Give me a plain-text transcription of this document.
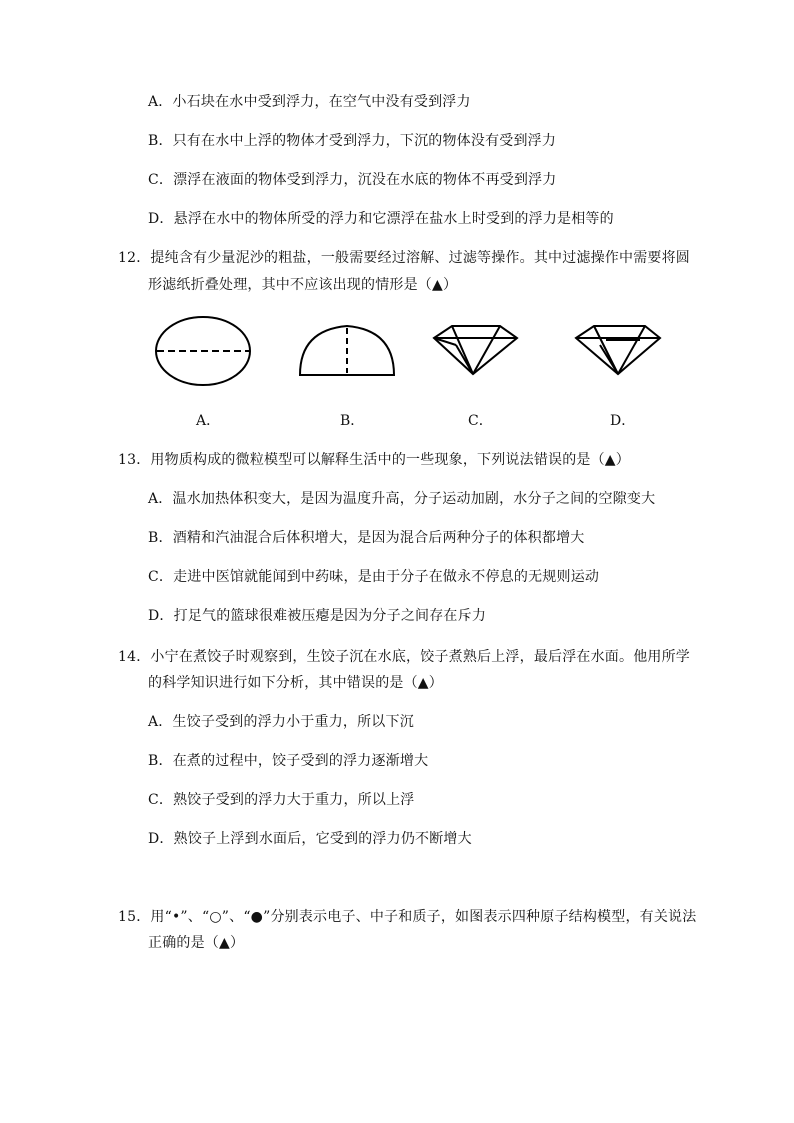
A．小石块在水中受到浮力，在空气中没有受到浮力
B．只有在水中上浮的物体才受到浮力，下沉的物体没有受到浮力
C．漂浮在液面的物体受到浮力，沉没在水底的物体不再受到浮力
D．悬浮在水中的物体所受的浮力和它漂浮在盐水上时受到的浮力是相等的
12．提纯含有少量泥沙的粗盐，一般需要经过溶解、过滤等操作。其中过滤操作中需要将圆
形滤纸折叠处理，其中不应该出现的情形是（▲）
A．	B．	C．	D．
13．用物质构成的微粒模型可以解释生活中的一些现象，下列说法错误的是（▲）
A．温水加热体积变大，是因为温度升高，分子运动加剧，水分子之间的空隙变大
B．酒精和汽油混合后体积增大，是因为混合后两种分子的体积都增大
C．走进中医馆就能闻到中药味，是由于分子在做永不停息的无规则运动
D．打足气的篮球很难被压瘪是因为分子之间存在斥力
14．小宁在煮饺子时观察到，生饺子沉在水底，饺子煮熟后上浮，最后浮在水面。他用所学
的科学知识进行如下分析，其中错误的是（▲）
A．生饺子受到的浮力小于重力，所以下沉
B．在煮的过程中，饺子受到的浮力逐渐增大
C．熟饺子受到的浮力大于重力，所以上浮
D．熟饺子上浮到水面后，它受到的浮力仍不断增大
15．用“•”、“○”、“●”分别表示电子、中子和质子，如图表示四种原子结构模型，有关说法
正确的是（▲）
